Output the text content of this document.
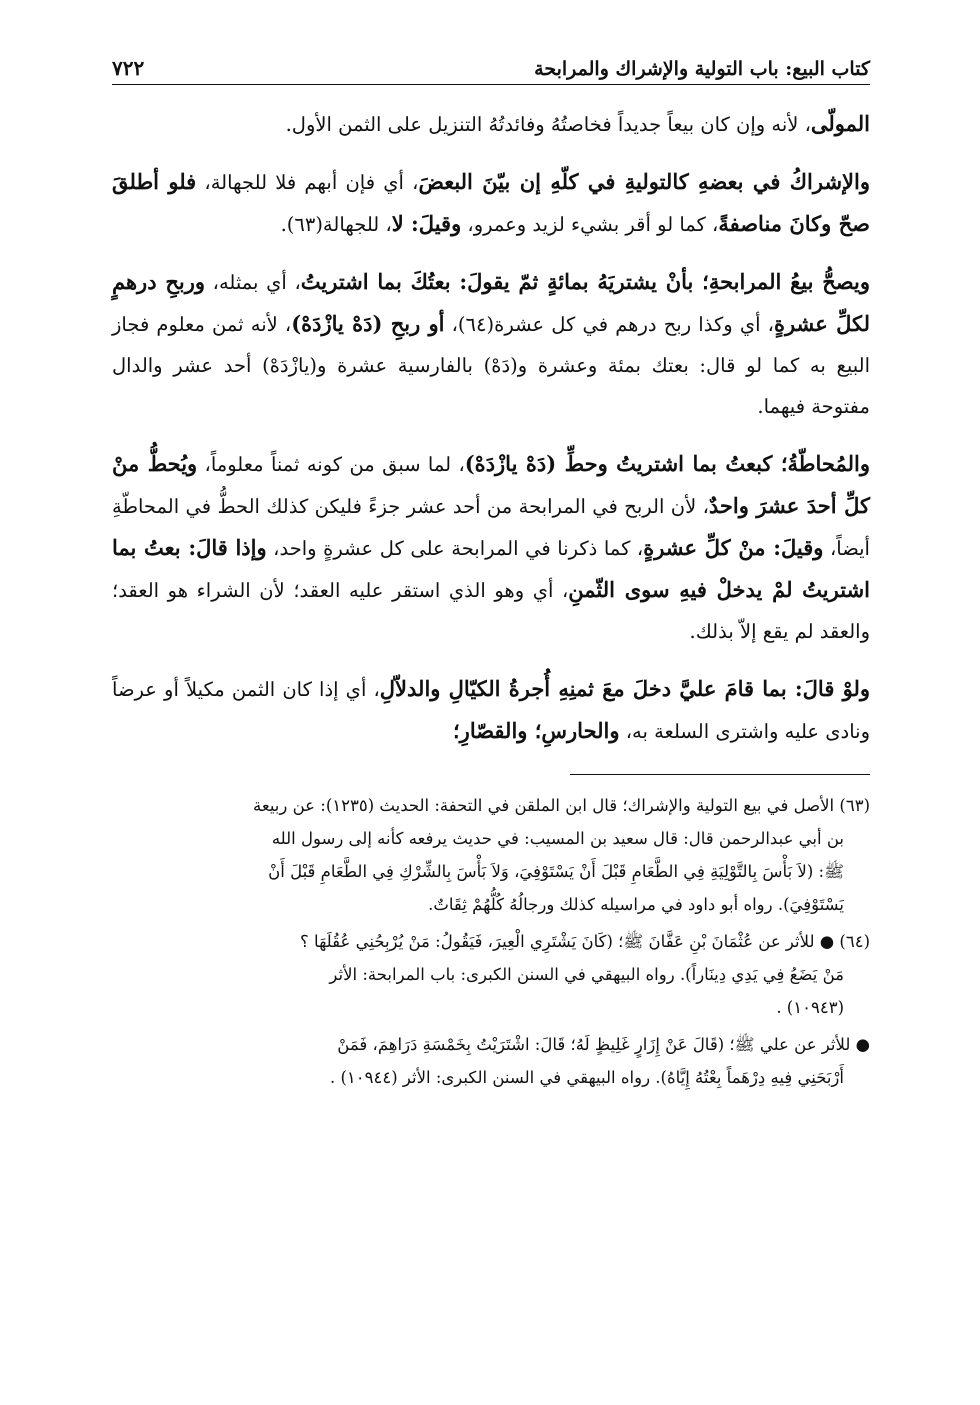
كتاب البيع: باب التولية والإشراك والمرابحة
٧٢٢

المولّى، لأنه وإن كان بيعاً جديداً فخاصتُهُ وفائدتُهُ التنزيل على الثمن الأول.

والإشراكُ في بعضهِ كالتوليةِ في كلّهِ إن بيّنَ البعضَ، أي فإن أبهم فلا للجهالة، فلو أطلقَ صحّ وكانَ مناصفةً، كما لو أقر بشيء لزيد وعمرو، وقيلَ: لا، للجهالة(٦٣).

ويصحُّ بيعُ المرابحةِ؛ بأنْ يشتريَهُ بمائةٍ ثمّ يقولَ: بعتُكَ بما اشتريتُ، أي بمثله، وربحِ درهمٍ لكلِّ عشرةٍ، أي وكذا ربح درهم في كل عشرة(٦٤)، أو ربحِ (دَهْ يازْدَهْ)، لأنه ثمن معلوم فجاز البيع به كما لو قال: بعتك بمئة وعشرة و(دَهْ) بالفارسية عشرة و(يازْدَهْ) أحد عشر والدال مفتوحة فيهما.

والمُحاطّةُ؛ كبعتُ بما اشتريتُ وحطِّ (دَهْ يازْدَهْ)، لما سبق من كونه ثمناً معلوماً، ويُحطُّ منْ كلِّ أحدَ عشرَ واحدٌ، لأن الربح في المرابحة من أحد عشر جزءً فليكن كذلك الحطُّ في المحاطّةِ أيضاً، وقيلَ: منْ كلِّ عشرةٍ، كما ذكرنا في المرابحة على كل عشرةٍ واحد، وإذا قالَ: بعتُ بما اشتريتُ لمْ يدخلْ فيهِ سوى الثّمنِ، أي وهو الذي استقر عليه العقد؛ لأن الشراء هو العقد؛ والعقد لم يقع إلاّ بذلك.

ولوْ قالَ: بما قامَ عليَّ دخلَ معَ ثمنِهِ أُجرةُ الكيّالِ والدلاّلِ، أي إذا كان الثمن مكيلاً أو عرضاً ونادى عليه واشترى السلعة به، والحارسِ؛ والقصّارِ؛

(٦٣) الأصل في بيع التولية والإشراك؛ قال ابن الملقن في التحفة: الحديث (١٢٣٥): عن ربيعة
بن أبي عبدالرحمن قال: قال سعيد بن المسيب: في حديث يرفعه كأنه إلى رسول الله
ﷺ: (لاَ بَأْسَ بِالتَّوْلِيَةِ فِي الطَّعَامِ قَبْلَ أَنْ يَسْتَوْفِيَ، وَلاَ بَأْسَ بِالشِّرْكِ فِي الطَّعَامِ قَبْلَ أَنْ
يَسْتَوْفِيَ). رواه أبو داود في مراسيله كذلك ورجالُهُ كُلُّهُمْ ثِقَاتٌ.
(٦٤) ● للأثر عن عُثْمَانَ بْنِ عَفَّانَ ﷺ؛ (كَانَ يَشْتَرِي الْعِيرَ، فَيَقُولُ: مَنْ يُرْبِحُنِي عُقُلَهَا ؟
مَنْ يَضَعُ فِي يَدِي دِينَاراً). رواه البيهقي في السنن الكبرى: باب المرابحة: الأثر
(١٠٩٤٣) .
● للأثر عن علي ﷺ؛ (قَالَ عَنْ إِزَارٍ غَلِيظٍ لَهُ؛ قَالَ: اشْتَرَيْتُ بِخَمْسَةِ دَرَاهِمَ، فَمَنْ
أَرْبَحَنِي فِيهِ دِرْهَماً بِعْتُهُ إِيَّاهُ). رواه البيهقي في السنن الكبرى: الأثر (١٠٩٤٤) .
